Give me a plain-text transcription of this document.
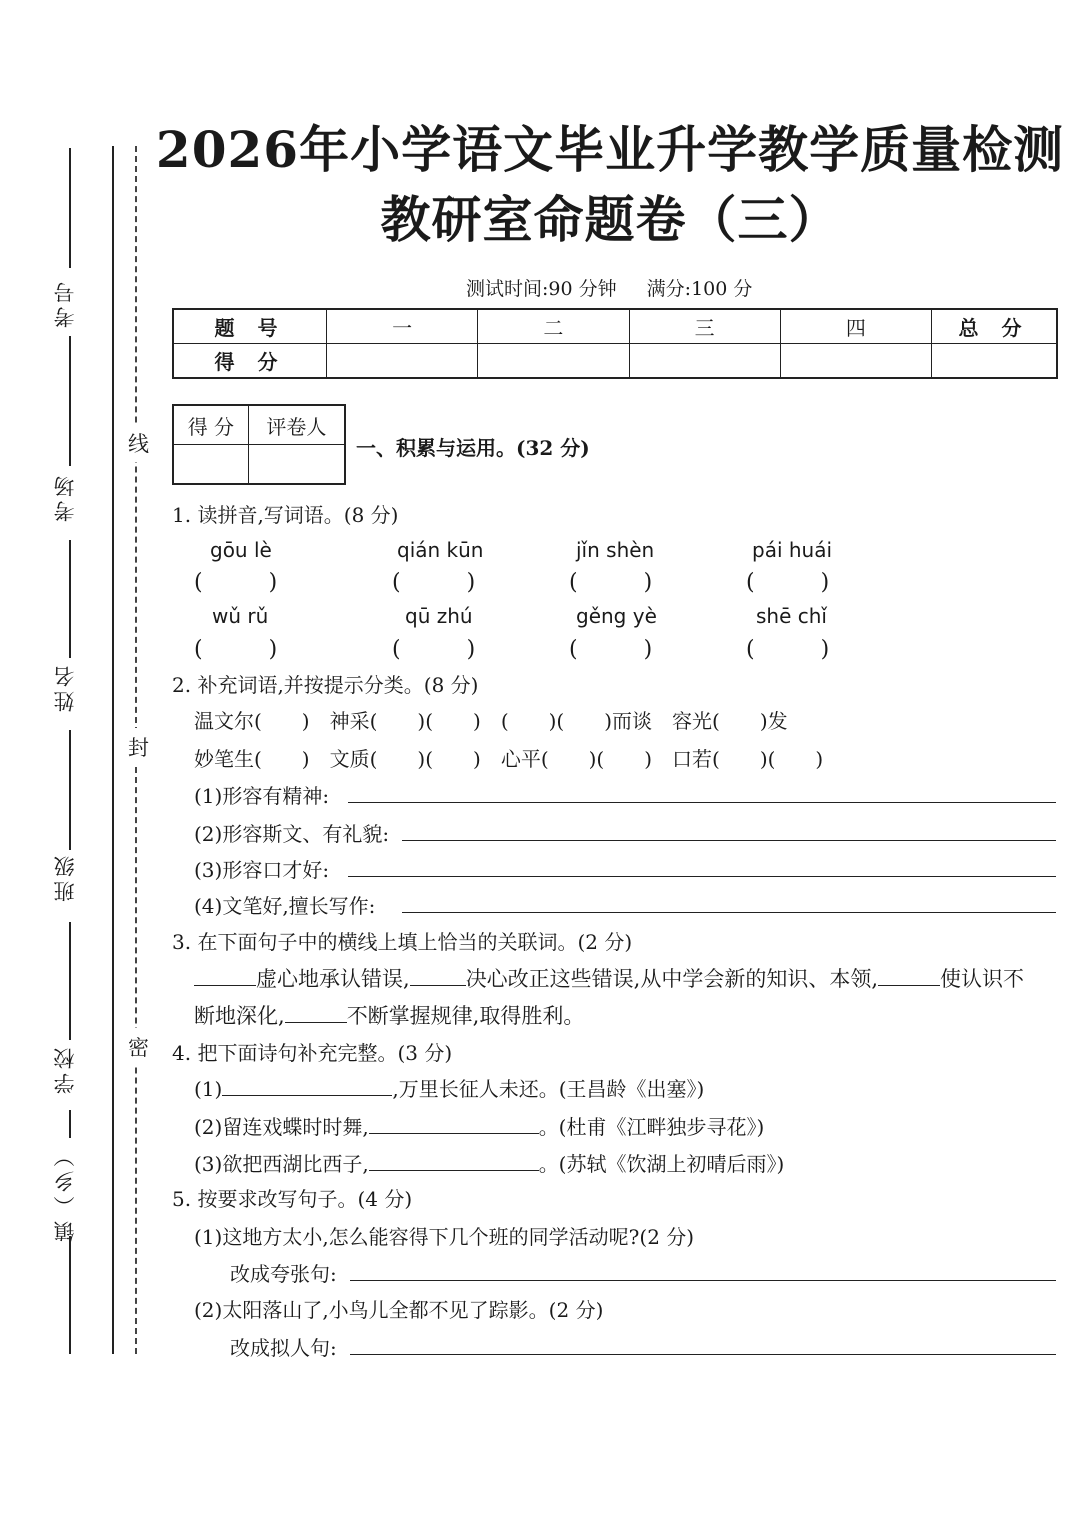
考号
考场
姓名
班级
学校
镇（乡）
线
封
密
2026年小学语文毕业升学教学质量检测
教研室命题卷（三）
测试时间:90 分钟 满分:100 分
题 号	一	二	三	四	总 分
得 分					
得 分	评卷人

一、积累与运用。(32 分)
1. 读拼音,写词语。(8 分)
gōu lè	qián kūn	jǐn shèn	pái huái
(　　　)	(　　　)	(　　　)	(　　　)
wǔ rǔ	qū zhú	gěng yè	shē chǐ
(　　　)	(　　　)	(　　　)	(　　　)
2. 补充词语,并按提示分类。(8 分)
温文尔(　　)　神采(　　)(　　)　(　　)(　　)而谈　容光(　　)发
妙笔生(　　)　文质(　　)(　　)　心平(　　)(　　)　口若(　　)(　　)
(1)形容有精神:
(2)形容斯文、有礼貌:
(3)形容口才好:
(4)文笔好,擅长写作:
3. 在下面句子中的横线上填上恰当的关联词。(2 分)
虚心地承认错误,	决心改正这些错误,从中学会新的知识、本领,	使认识不
断地深化,	不断掌握规律,取得胜利。
4. 把下面诗句补充完整。(3 分)
(1)	,万里长征人未还。(王昌龄《出塞》)
(2)留连戏蝶时时舞,	。(杜甫《江畔独步寻花》)
(3)欲把西湖比西子,	。(苏轼《饮湖上初晴后雨》)
5. 按要求改写句子。(4 分)
(1)这地方太小,怎么能容得下几个班的同学活动呢?(2 分)
改成夸张句:
(2)太阳落山了,小鸟儿全都不见了踪影。(2 分)
改成拟人句:
